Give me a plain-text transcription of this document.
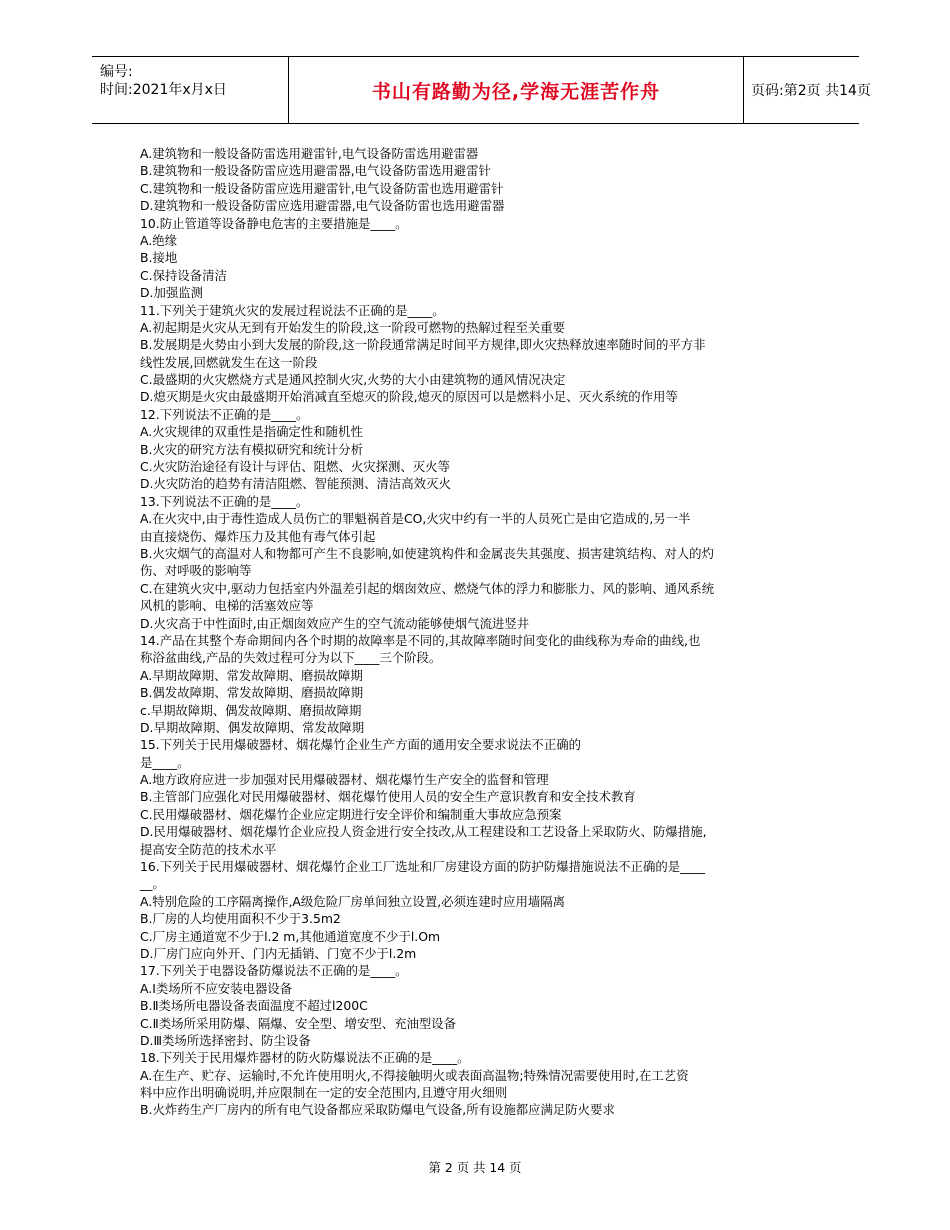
编号:
时间:2021年x月x日	书山有路勤为径,学海无涯苦作舟	页码:第2页 共14页
A.建筑物和一般设备防雷选用避雷针,电气设备防雷选用避雷器
B.建筑物和一般设备防雷应选用避雷器,电气设备防雷选用避雷针
C.建筑物和一般设备防雷应选用避雷针,电气设备防雷也选用避雷针
D.建筑物和一般设备防雷应选用避雷器,电气设备防雷也选用避雷器
10.防止管道等设备静电危害的主要措施是____。
A.绝缘
B.接地
C.保持设备清洁
D.加强监测
11.下列关于建筑火灾的发展过程说法不正确的是____。
A.初起期是火灾从无到有开始发生的阶段,这一阶段可燃物的热解过程至关重要
B.发展期是火势由小到大发展的阶段,这一阶段通常满足时间平方规律,即火灾热释放速率随时间的平方非
线性发展,回燃就发生在这一阶段
C.最盛期的火灾燃烧方式是通风控制火灾,火势的大小由建筑物的通风情况决定
D.熄灭期是火灾由最盛期开始消减直至熄灭的阶段,熄灭的原因可以是燃料小足、灭火系统的作用等
12.下列说法不正确的是____。
A.火灾规律的双重性是指确定性和随机性
B.火灾的研究方法有模拟研究和统计分析
C.火灾防治途径有设计与评估、阻燃、火灾探测、灭火等
D.火灾防治的趋势有清洁阻燃、智能预测、清洁高效灭火
13.下列说法不正确的是____。
A.在火灾中,由于毒性造成人员伤亡的罪魁祸首是CO,火灾中约有一半的人员死亡是由它造成的,另一半
由直接烧伤、爆炸压力及其他有毒气体引起
B.火灾烟气的高温对人和物都可产生不良影响,如使建筑构件和金属丧失其强度、损害建筑结构、对人的灼
伤、对呼吸的影响等
C.在建筑火灾中,驱动力包括室内外温差引起的烟囱效应、燃烧气体的浮力和膨胀力、风的影响、通风系统
风机的影响、电梯的活塞效应等
D.火灾高于中性面时,由正烟囱效应产生的空气流动能够使烟气流进竖井
14.产品在其整个寿命期间内各个时期的故障率是不同的,其故障率随时间变化的曲线称为寿命的曲线,也
称浴盆曲线,产品的失效过程可分为以下____三个阶段。
A.早期故障期、常发故障期、磨损故障期
B.偶发故障期、常发故障期、磨损故障期
c.早期故障期、偶发故障期、磨损故障期
D.早期故障期、偶发故障期、常发故障期
15.下列关于民用爆破器材、烟花爆竹企业生产方面的通用安全要求说法不正确的
是____。
A.地方政府应进一步加强对民用爆破器材、烟花爆竹生产安全的监督和管理
B.主管部门应强化对民用爆破器材、烟花爆竹使用人员的安全生产意识教育和安全技术教育
C.民用爆破器材、烟花爆竹企业应定期进行安全评价和编制重大事故应急预案
D.民用爆破器材、烟花爆竹企业应投人资金进行安全技改,从工程建设和工艺设备上采取防火、防爆措施,
提高安全防范的技术水平
16.下列关于民用爆破器材、烟花爆竹企业工厂选址和厂房建设方面的防护防爆措施说法不正确的是____
__。
A.特别危险的工序隔离操作,A级危险厂房单间独立设置,必须连建时应用墙隔离
B.厂房的人均使用面积不少于3.5m2
C.厂房主通道宽不少于l.2 m,其他通道宽度不少于l.Om
D.厂房门应向外开、门内无插销、门宽不少于l.2m
17.下列关于电器设备防爆说法不正确的是____。
A.Ⅰ类场所不应安装电器设备
B.Ⅱ类场所电器设备表面温度不超过l200C
C.Ⅱ类场所采用防爆、隔爆、安全型、增安型、充油型设备
D.Ⅲ类场所选择密封、防尘设备
18.下列关于民用爆炸器材的防火防爆说法不正确的是____。
A.在生产、贮存、运输时,不允许使用明火,不得接触明火或表面高温物;特殊情况需要使用时,在工艺资
料中应作出明确说明,并应限制在一定的安全范围内,且遵守用火细则
B.火炸药生产厂房内的所有电气设备都应采取防爆电气设备,所有设施都应满足防火要求
第 2 页 共 14 页
